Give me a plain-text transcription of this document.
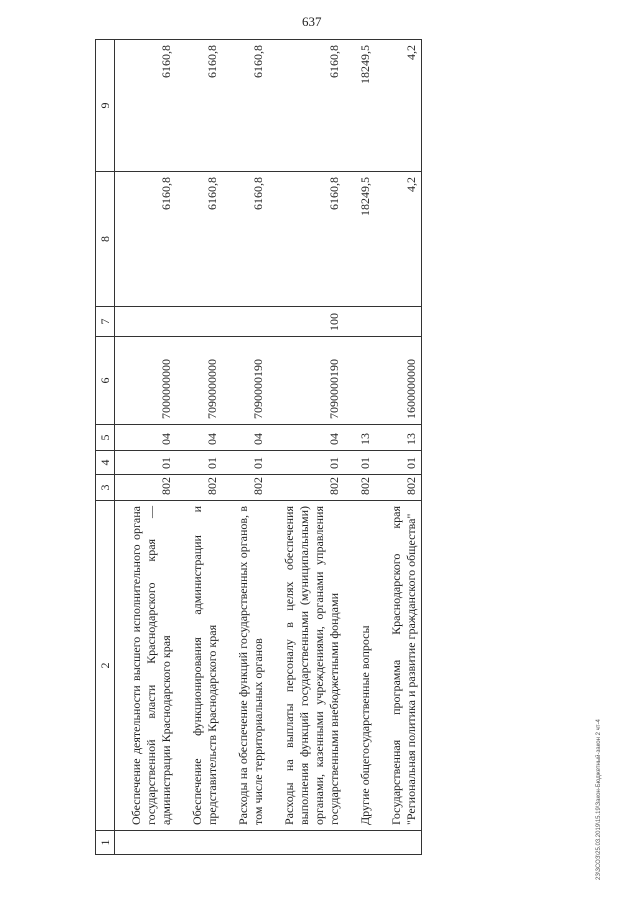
637
1	2	3	4	5	6	7	8	9
	Обеспечение деятельности высшего исполнительного органа государственной власти Краснодарского края — администрации Краснодарского края	802	01	04	7000000000		6160,8	6160,8
	Обеспечение функционирования администрации и представительств Краснодарского края	802	01	04	7090000000		6160,8	6160,8
	Расходы на обеспечение функций государственных органов, в том числе территориальных органов	802	01	04	7090000190		6160,8	6160,8
	Расходы на выплаты персоналу в целях обеспечения выполнения функций государственными (муниципальными) органами, казенными учреждениями, органами управления государственными внебюджетными фондами	802	01	04	7090000190	100	6160,8	6160,8
	Другие общегосударственные вопросы	802	01	13			18249,5	18249,5
	Государственная программа Краснодарского края "Региональная политика и развитие гражданского общества"	802	01	13	1600000000		4,2	4,2
2З\3СОЗ\25.03.2019\15.19\Закон-Бюджетный-закон 2 чт-4
